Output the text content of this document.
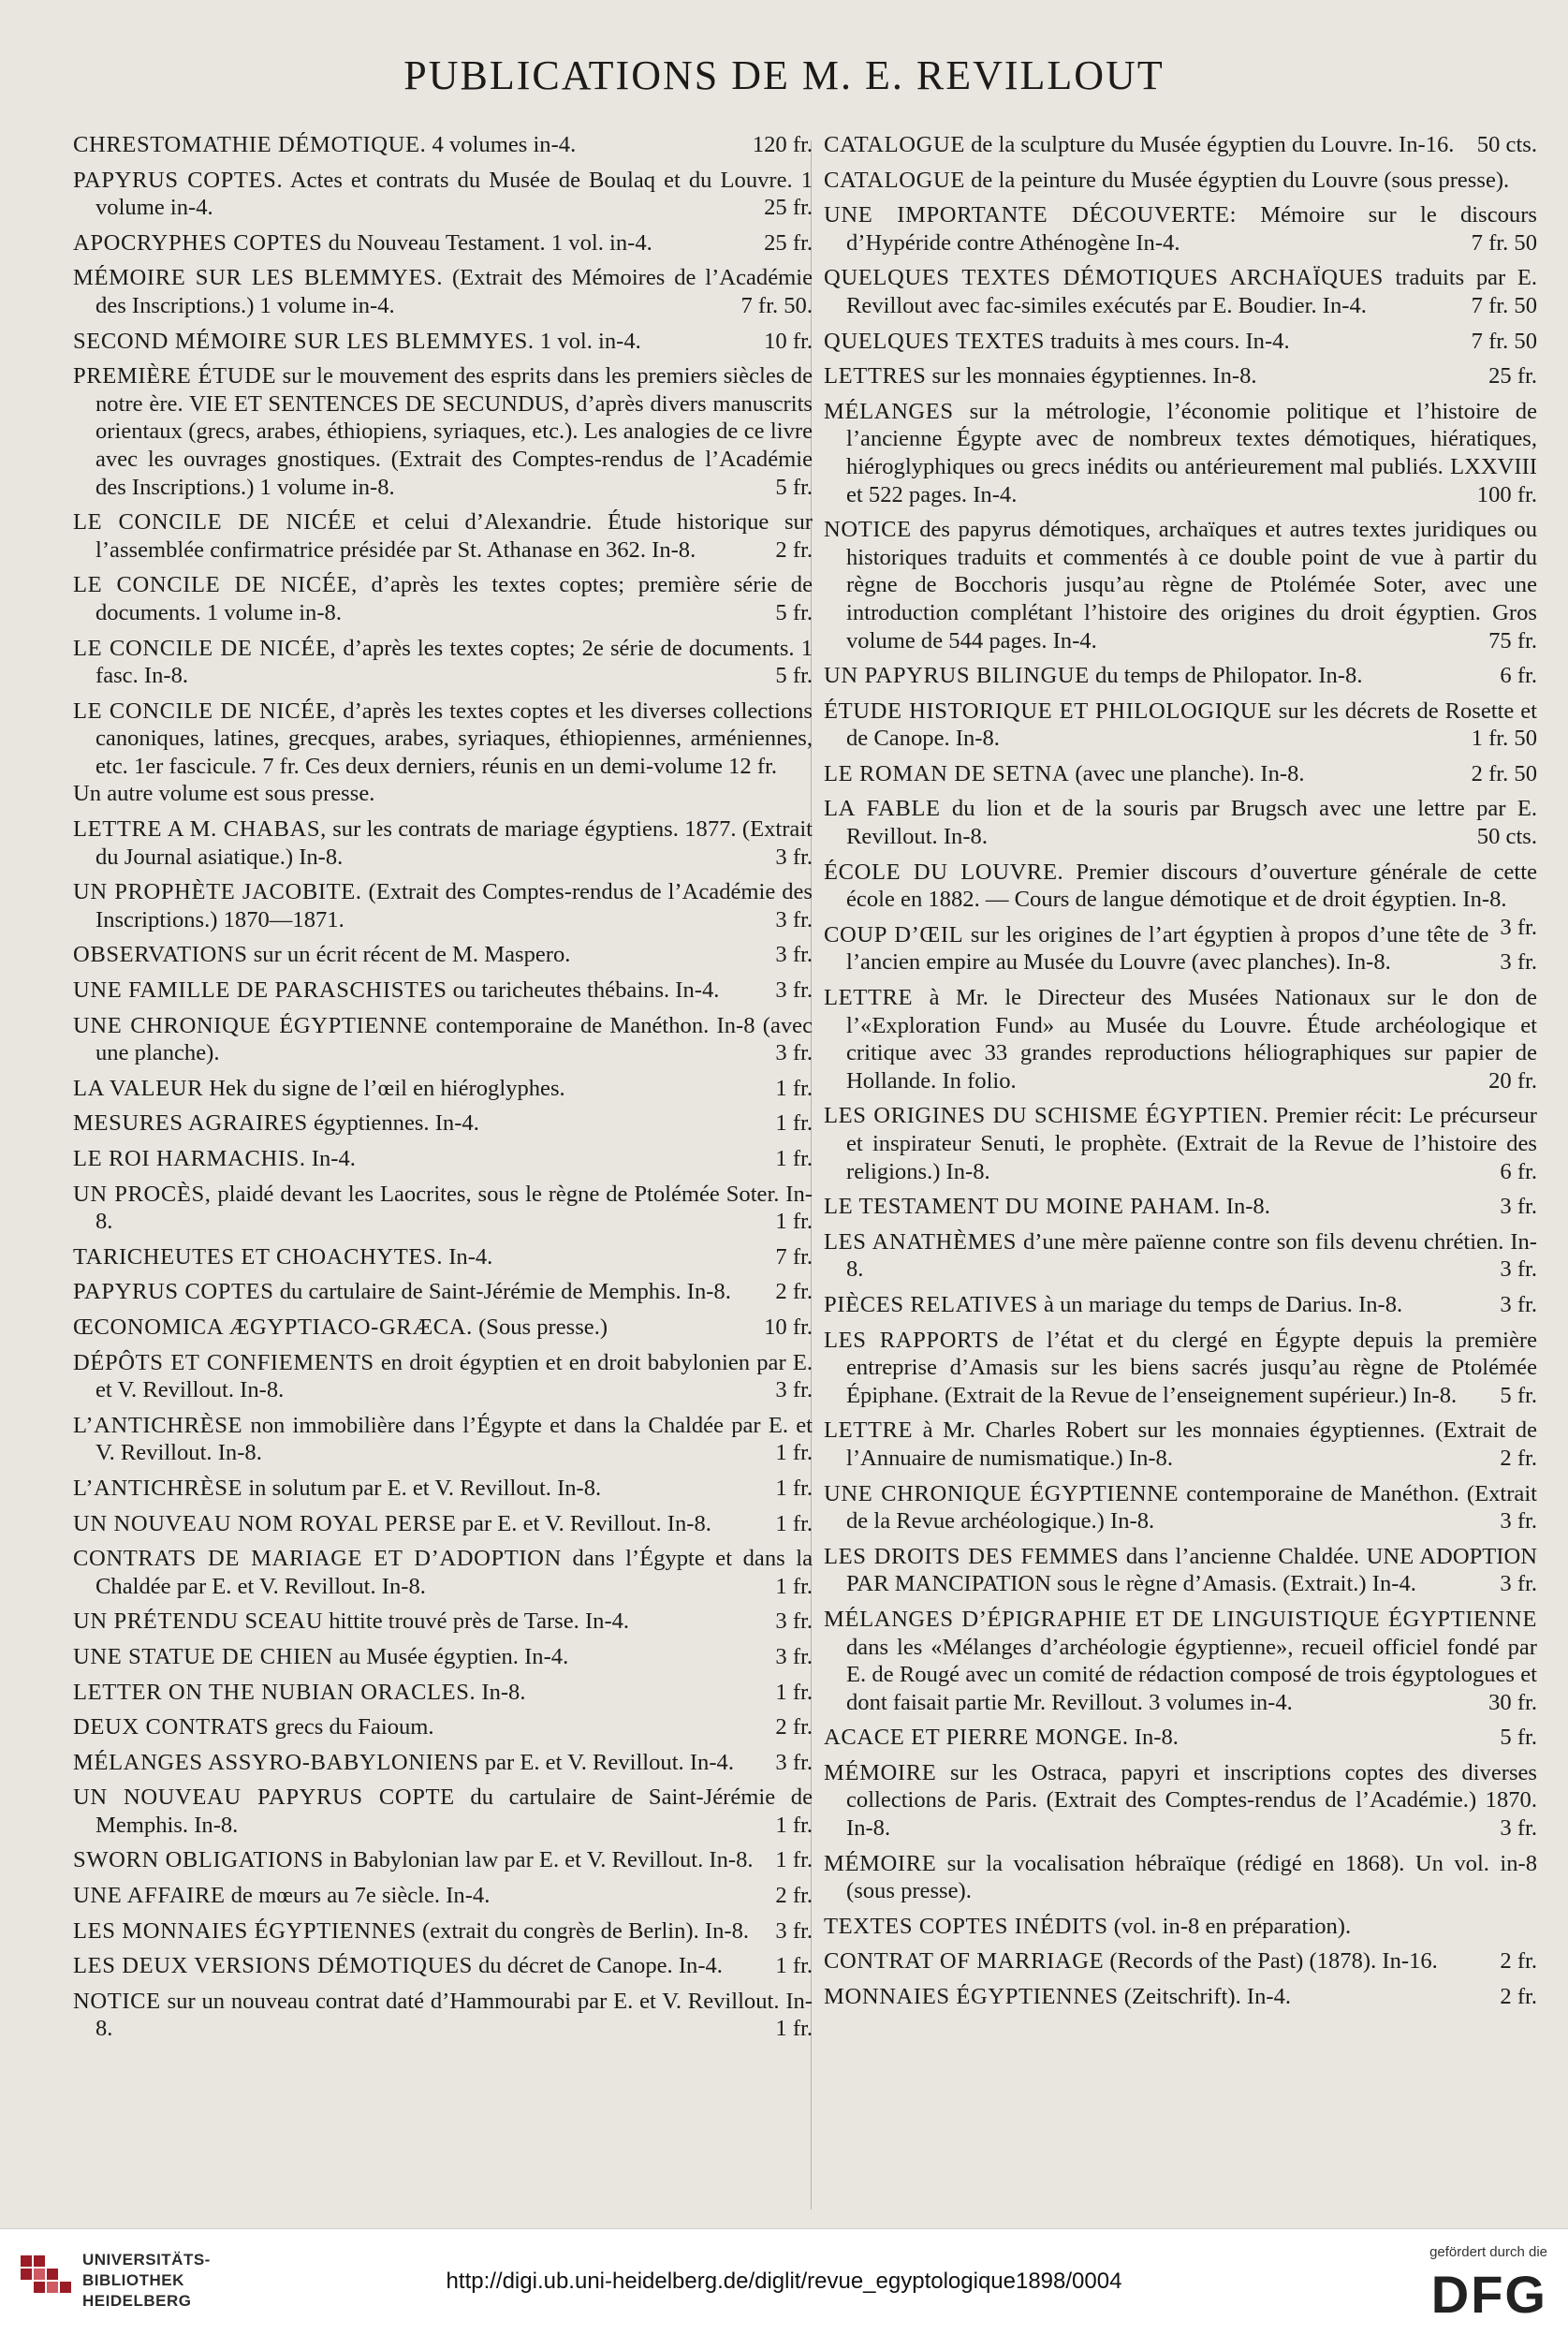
PUBLICATIONS DE M. E. REVILLOUT
CHRESTOMATHIE DÉMOTIQUE. 4 volumes in-4.	120 fr.
PAPYRUS COPTES. Actes et contrats du Musée de Boulaq et du Louvre. 1 volume in-4.	25 fr.
APOCRYPHES COPTES du Nouveau Testament. 1 vol. in-4.	25 fr.
MÉMOIRE SUR LES BLEMMYES. (Extrait des Mémoires de l’Académie des Inscriptions.) 1 volume in-4.	7 fr. 50.
SECOND MÉMOIRE SUR LES BLEMMYES. 1 vol. in-4.	10 fr.
PREMIÈRE ÉTUDE sur le mouvement des esprits dans les premiers siècles de notre ère. VIE ET SENTENCES DE SECUNDUS, d’après divers manuscrits orientaux (grecs, arabes, éthiopiens, syriaques, etc.). Les analogies de ce livre avec les ouvrages gnostiques. (Extrait des Comptes-rendus de l’Académie des Inscriptions.) 1 volume in-8.	5 fr.
LE CONCILE DE NICÉE et celui d’Alexandrie. Étude historique sur l’assemblée confirmatrice présidée par St. Athanase en 362. In-8.	2 fr.
LE CONCILE DE NICÉE, d’après les textes coptes; première série de documents. 1 volume in-8.	5 fr.
LE CONCILE DE NICÉE, d’après les textes coptes; 2e série de documents. 1 fasc. In-8.	5 fr.
LE CONCILE DE NICÉE, d’après les textes coptes et les diverses collections canoniques, latines, grecques, arabes, syriaques, éthiopiennes, arméniennes, etc. 1er fascicule. 7 fr. Ces deux derniers, réunis en un demi-volume 12 fr.
Un autre volume est sous presse.
LETTRE A M. CHABAS, sur les contrats de mariage égyptiens. 1877. (Extrait du Journal asiatique.) In-8.	3 fr.
UN PROPHÈTE JACOBITE. (Extrait des Comptes-rendus de l’Académie des Inscriptions.) 1870—1871.	3 fr.
OBSERVATIONS sur un écrit récent de M. Maspero.	3 fr.
UNE FAMILLE DE PARASCHISTES ou taricheutes thébains. In-4.	3 fr.
UNE CHRONIQUE ÉGYPTIENNE contemporaine de Manéthon. In-8 (avec une planche).	3 fr.
LA VALEUR Hek du signe de l’œil en hiéroglyphes.	1 fr.
MESURES AGRAIRES égyptiennes. In-4.	1 fr.
LE ROI HARMACHIS. In-4.	1 fr.
UN PROCÈS, plaidé devant les Laocrites, sous le règne de Ptolémée Soter. In-8.	1 fr.
TARICHEUTES ET CHOACHYTES. In-4.	7 fr.
PAPYRUS COPTES du cartulaire de Saint-Jérémie de Memphis. In-8.	2 fr.
ŒCONOMICA ÆGYPTIACO-GRÆCA. (Sous presse.)	10 fr.
DÉPÔTS ET CONFIEMENTS en droit égyptien et en droit babylonien par E. et V. Revillout. In-8.	3 fr.
L’ANTICHRÈSE non immobilière dans l’Égypte et dans la Chaldée par E. et V. Revillout. In-8.	1 fr.
L’ANTICHRÈSE in solutum par E. et V. Revillout. In-8.	1 fr.
UN NOUVEAU NOM ROYAL PERSE par E. et V. Revillout. In-8.	1 fr.
CONTRATS DE MARIAGE ET D’ADOPTION dans l’Égypte et dans la Chaldée par E. et V. Revillout. In-8.	1 fr.
UN PRÉTENDU SCEAU hittite trouvé près de Tarse. In-4.	3 fr.
UNE STATUE DE CHIEN au Musée égyptien. In-4.	3 fr.
LETTER ON THE NUBIAN ORACLES. In-8.	1 fr.
DEUX CONTRATS grecs du Faioum.	2 fr.
MÉLANGES ASSYRO-BABYLONIENS par E. et V. Revillout. In-4.	3 fr.
UN NOUVEAU PAPYRUS COPTE du cartulaire de Saint-Jérémie de Memphis. In-8.	1 fr.
SWORN OBLIGATIONS in Babylonian law par E. et V. Revillout. In-8. 1 fr.
UNE AFFAIRE de mœurs au 7e siècle. In-4.	2 fr.
LES MONNAIES ÉGYPTIENNES (extrait du congrès de Berlin). In-8.	3 fr.
LES DEUX VERSIONS DÉMOTIQUES du décret de Canope. In-4.	1 fr.
NOTICE sur un nouveau contrat daté d’Hammourabi par E. et V. Revillout. In-8.	1 fr.
CATALOGUE de la sculpture du Musée égyptien du Louvre. In-16. 50 cts.
CATALOGUE de la peinture du Musée égyptien du Louvre (sous presse).
UNE IMPORTANTE DÉCOUVERTE: Mémoire sur le discours d’Hypéride contre Athénogène In-4.	7 fr. 50
QUELQUES TEXTES DÉMOTIQUES ARCHAÏQUES traduits par E. Revillout avec fac-similes exécutés par E. Boudier. In-4.	7 fr. 50
QUELQUES TEXTES traduits à mes cours. In-4.	7 fr. 50
LETTRES sur les monnaies égyptiennes. In-8.	25 fr.
MÉLANGES sur la métrologie, l’économie politique et l’histoire de l’ancienne Égypte avec de nombreux textes démotiques, hiératiques, hiéroglyphiques ou grecs inédits ou antérieurement mal publiés. LXXVIII et 522 pages. In-4.	100 fr.
NOTICE des papyrus démotiques, archaïques et autres textes juridiques ou historiques traduits et commentés à ce double point de vue à partir du règne de Bocchoris jusqu’au règne de Ptolémée Soter, avec une introduction complétant l’histoire des origines du droit égyptien. Gros volume de 544 pages. In-4.	75 fr.
UN PAPYRUS BILINGUE du temps de Philopator. In-8.	6 fr.
ÉTUDE HISTORIQUE ET PHILOLOGIQUE sur les décrets de Rosette et de Canope. In-8.	1 fr. 50
LE ROMAN DE SETNA (avec une planche). In-8.	2 fr. 50
LA FABLE du lion et de la souris par Brugsch avec une lettre par E. Revillout. In-8.	50 cts.
ÉCOLE DU LOUVRE. Premier discours d’ouverture générale de cette école en 1882. — Cours de langue démotique et de droit égyptien. In-8.
3 fr.
COUP D’ŒIL sur les origines de l’art égyptien à propos d’une tête de l’ancien empire au Musée du Louvre (avec planches). In-8.	3 fr.
LETTRE à Mr. le Directeur des Musées Nationaux sur le don de l’«Exploration Fund» au Musée du Louvre. Étude archéologique et critique avec 33 grandes reproductions héliographiques sur papier de Hollande. In folio.	20 fr.
LES ORIGINES DU SCHISME ÉGYPTIEN. Premier récit: Le précurseur et inspirateur Senuti, le prophète. (Extrait de la Revue de l’histoire des religions.) In-8.	6 fr.
LE TESTAMENT DU MOINE PAHAM. In-8.	3 fr.
LES ANATHÈMES d’une mère païenne contre son fils devenu chrétien. In-8.	3 fr.
PIÈCES RELATIVES à un mariage du temps de Darius. In-8.	3 fr.
LES RAPPORTS de l’état et du clergé en Égypte depuis la première entreprise d’Amasis sur les biens sacrés jusqu’au règne de Ptolémée Épiphane. (Extrait de la Revue de l’enseignement supérieur.) In-8.	5 fr.
LETTRE à Mr. Charles Robert sur les monnaies égyptiennes. (Extrait de l’Annuaire de numismatique.) In-8.	2 fr.
UNE CHRONIQUE ÉGYPTIENNE contemporaine de Manéthon. (Extrait de la Revue archéologique.) In-8.	3 fr.
LES DROITS DES FEMMES dans l’ancienne Chaldée. UNE ADOPTION PAR MANCIPATION sous le règne d’Amasis. (Extrait.) In-4.	3 fr.
MÉLANGES D’ÉPIGRAPHIE ET DE LINGUISTIQUE ÉGYPTIENNE dans les «Mélanges d’archéologie égyptienne», recueil officiel fondé par E. de Rougé avec un comité de rédaction composé de trois égyptologues et dont faisait partie Mr. Revillout. 3 volumes in-4.	30 fr.
ACACE ET PIERRE MONGE. In-8.	5 fr.
MÉMOIRE sur les Ostraca, papyri et inscriptions coptes des diverses collections de Paris. (Extrait des Comptes-rendus de l’Académie.) 1870. In-8.	3 fr.
MÉMOIRE sur la vocalisation hébraïque (rédigé en 1868). Un vol. in-8 (sous presse).
TEXTES COPTES INÉDITS (vol. in-8 en préparation).
CONTRAT OF MARRIAGE (Records of the Past) (1878). In-16.	2 fr.
MONNAIES ÉGYPTIENNES (Zeitschrift). In-4.	2 fr.
UNIVERSITÄTS-
BIBLIOTHEK
HEIDELBERG
http://digi.ub.uni-heidelberg.de/diglit/revue_egyptologique1898/0004
gefördert durch die
DFG
